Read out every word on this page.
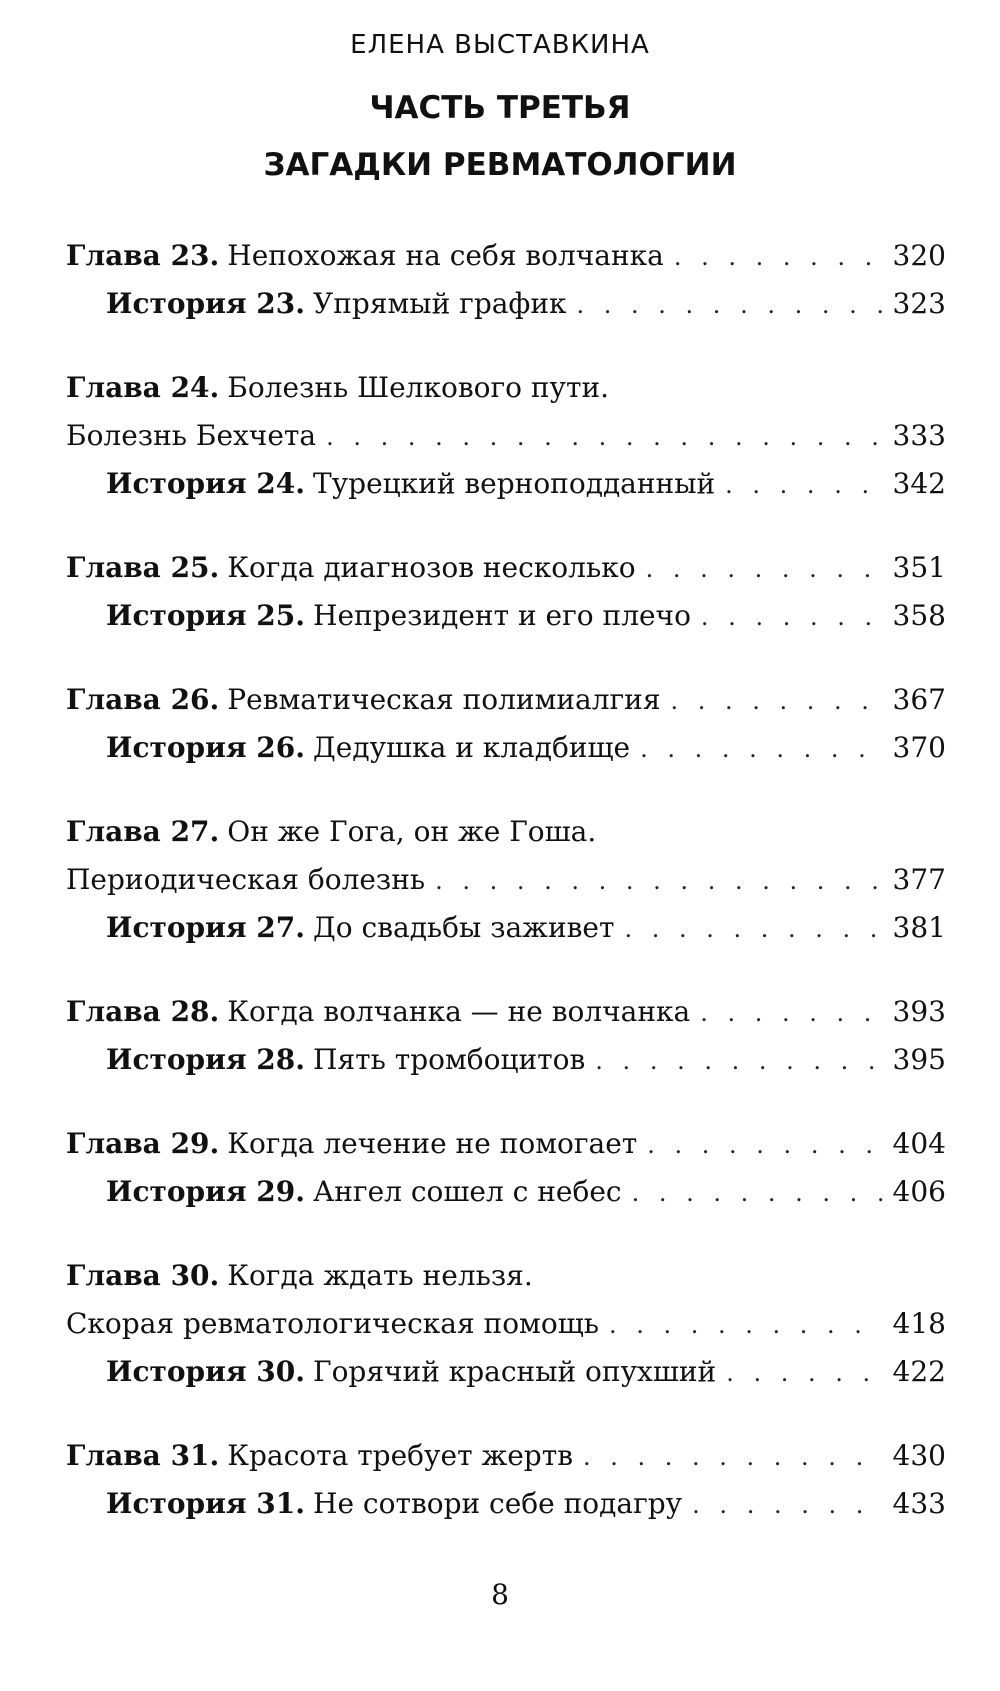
ЕЛЕНА ВЫСТАВКИНА
ЧАСТЬ ТРЕТЬЯ
ЗАГАДКИ РЕВМАТОЛОГИИ
Глава 23. Непохожая на себя волчанка . . .	320
История 23. Упрямый график . . .	323
Глава 24. Болезнь Шелкового пути.
Болезнь Бехчета . . .	333
История 24. Турецкий верноподданный . . .	342
Глава 25. Когда диагнозов несколько . . .	351
История 25. Непрезидент и его плечо . . .	358
Глава 26. Ревматическая полимиалгия . . .	367
История 26. Дедушка и кладбище . . .	370
Глава 27. Он же Гога, он же Гоша.
Периодическая болезнь . . .	377
История 27. До свадьбы заживет . . .	381
Глава 28. Когда волчанка — не волчанка . . .	393
История 28. Пять тромбоцитов . . .	395
Глава 29. Когда лечение не помогает . . .	404
История 29. Ангел сошел с небес . . .	406
Глава 30. Когда ждать нельзя.
Скорая ревматологическая помощь . . .	418
История 30. Горячий красный опухший . . .	422
Глава 31. Красота требует жертв . . .	430
История 31. Не сотвори себе подагру . . .	433
8
